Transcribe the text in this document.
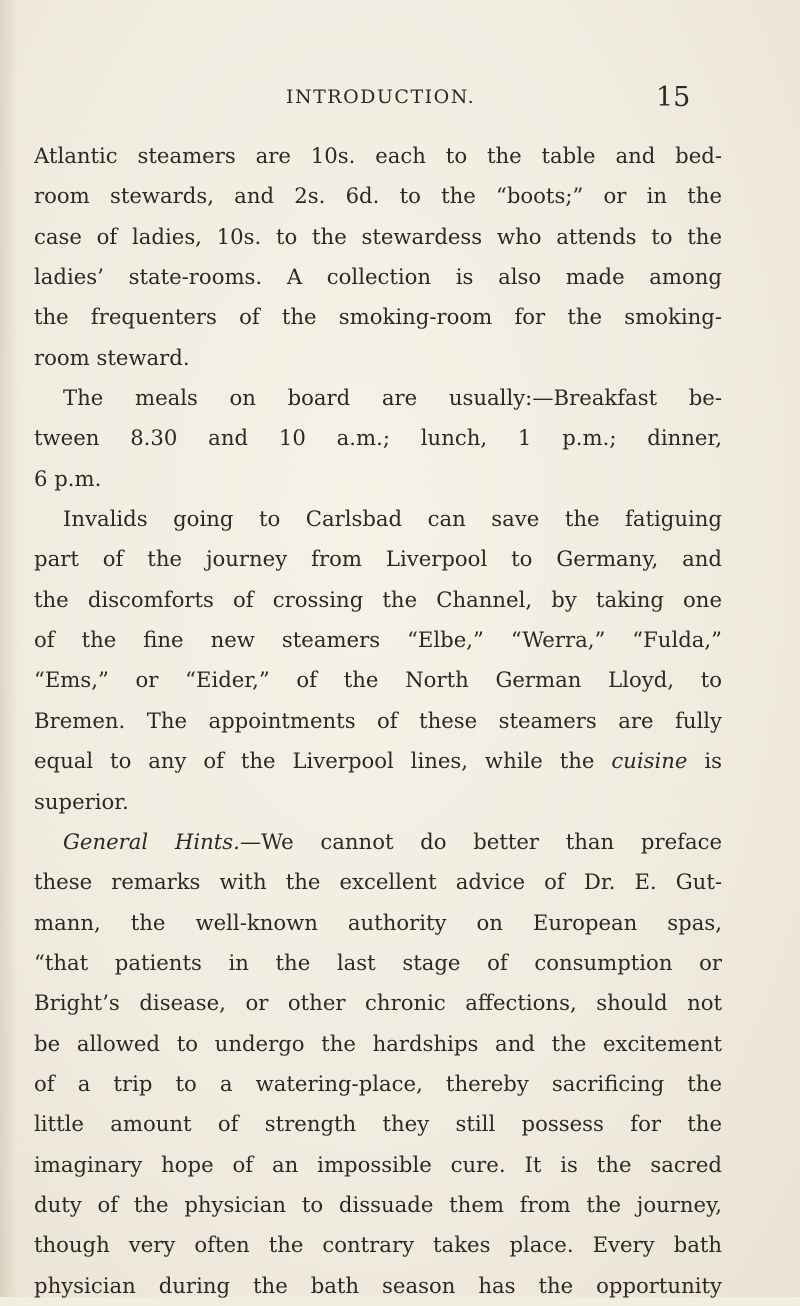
INTRODUCTION.	15
Atlantic steamers are 10s. each to the table and bed-
room stewards, and 2s. 6d. to the “boots;” or in the
case of ladies, 10s. to the stewardess who attends to the
ladies’ state-rooms. A collection is also made among
the frequenters of the smoking-room for the smoking-
room steward.
The meals on board are usually:—Breakfast be-
tween 8.30 and 10 a.m.; lunch, 1 p.m.; dinner,
6 p.m.
Invalids going to Carlsbad can save the fatiguing
part of the journey from Liverpool to Germany, and
the discomforts of crossing the Channel, by taking one
of the fine new steamers “Elbe,” “Werra,” “Fulda,”
“Ems,” or “Eider,” of the North German Lloyd, to
Bremen. The appointments of these steamers are fully
equal to any of the Liverpool lines, while the cuisine is
superior.
General Hints.—We cannot do better than preface
these remarks with the excellent advice of Dr. E. Gut-
mann, the well-known authority on European spas,
“that patients in the last stage of consumption or
Bright’s disease, or other chronic affections, should not
be allowed to undergo the hardships and the excitement
of a trip to a watering-place, thereby sacrificing the
little amount of strength they still possess for the
imaginary hope of an impossible cure. It is the sacred
duty of the physician to dissuade them from the journey,
though very often the contrary takes place. Every bath
physician during the bath season has the opportunity
